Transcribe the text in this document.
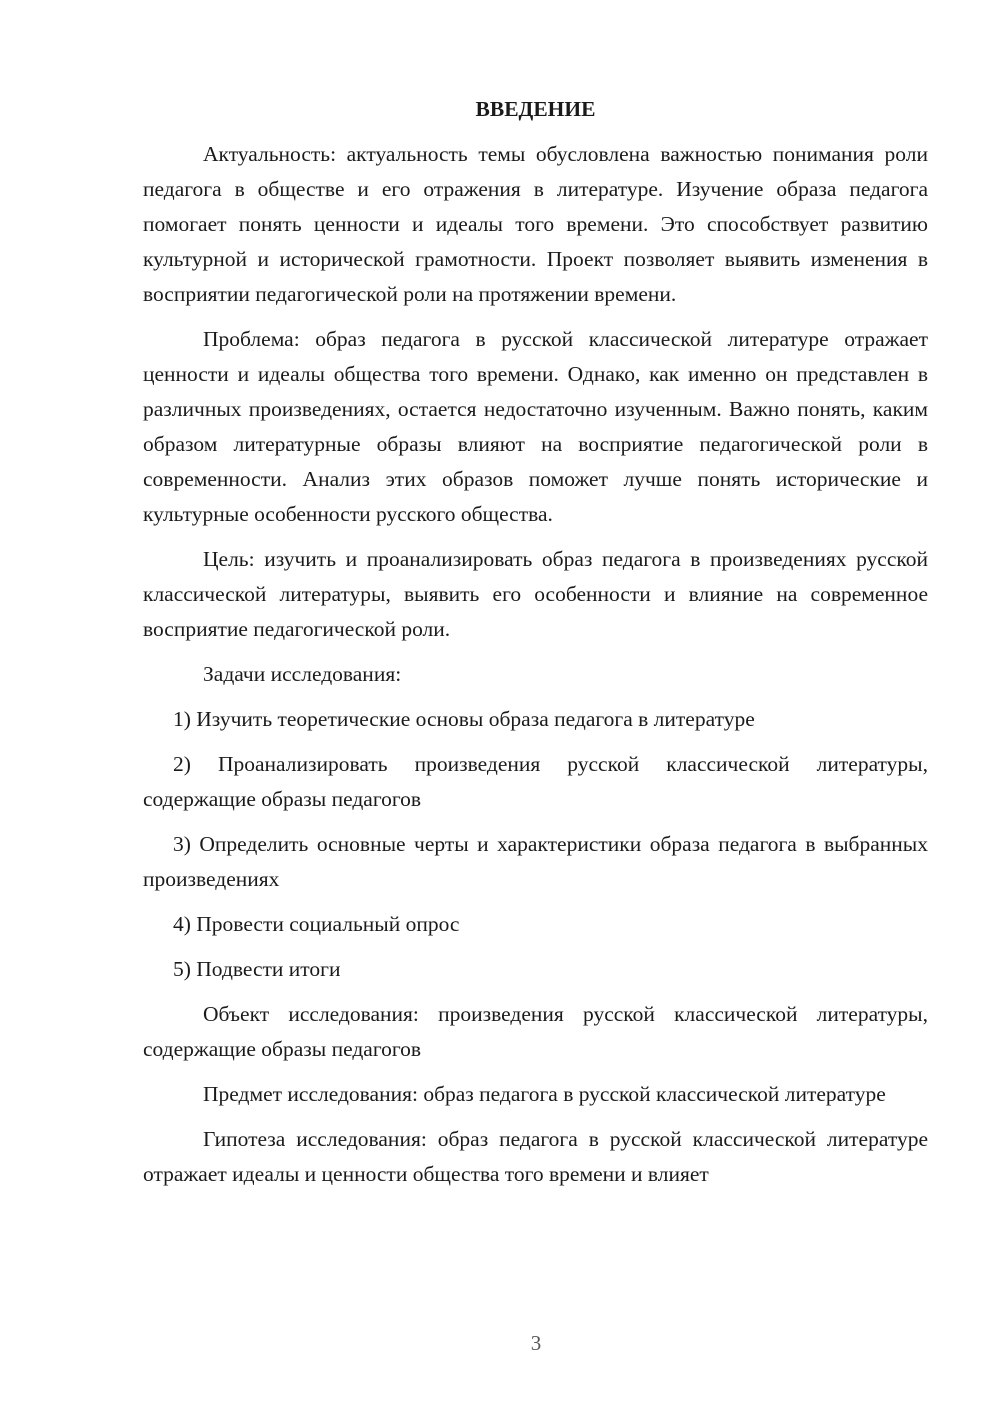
ВВЕДЕНИЕ

Актуальность: актуальность темы обусловлена важностью понимания роли педагога в обществе и его отражения в литературе. Изучение образа педагога помогает понять ценности и идеалы того времени. Это способствует развитию культурной и исторической грамотности. Проект позволяет выявить изменения в восприятии педагогической роли на протяжении времени.

Проблема: образ педагога в русской классической литературе отражает ценности и идеалы общества того времени. Однако, как именно он представлен в различных произведениях, остается недостаточно изученным. Важно понять, каким образом литературные образы влияют на восприятие педагогической роли в современности. Анализ этих образов поможет лучше понять исторические и культурные особенности русского общества.

Цель: изучить и проанализировать образ педагога в произведениях русской классической литературы, выявить его особенности и влияние на современное восприятие педагогической роли.

Задачи исследования:

1) Изучить теоретические основы образа педагога в литературе

2) Проанализировать произведения русской классической литературы, содержащие образы педагогов

3) Определить основные черты и характеристики образа педагога в выбранных произведениях

4) Провести социальный опрос

5) Подвести итоги

Объект исследования: произведения русской классической литературы, содержащие образы педагогов

Предмет исследования: образ педагога в русской классической литературе

Гипотеза исследования: образ педагога в русской классической литературе отражает идеалы и ценности общества того времени и влияет

3
